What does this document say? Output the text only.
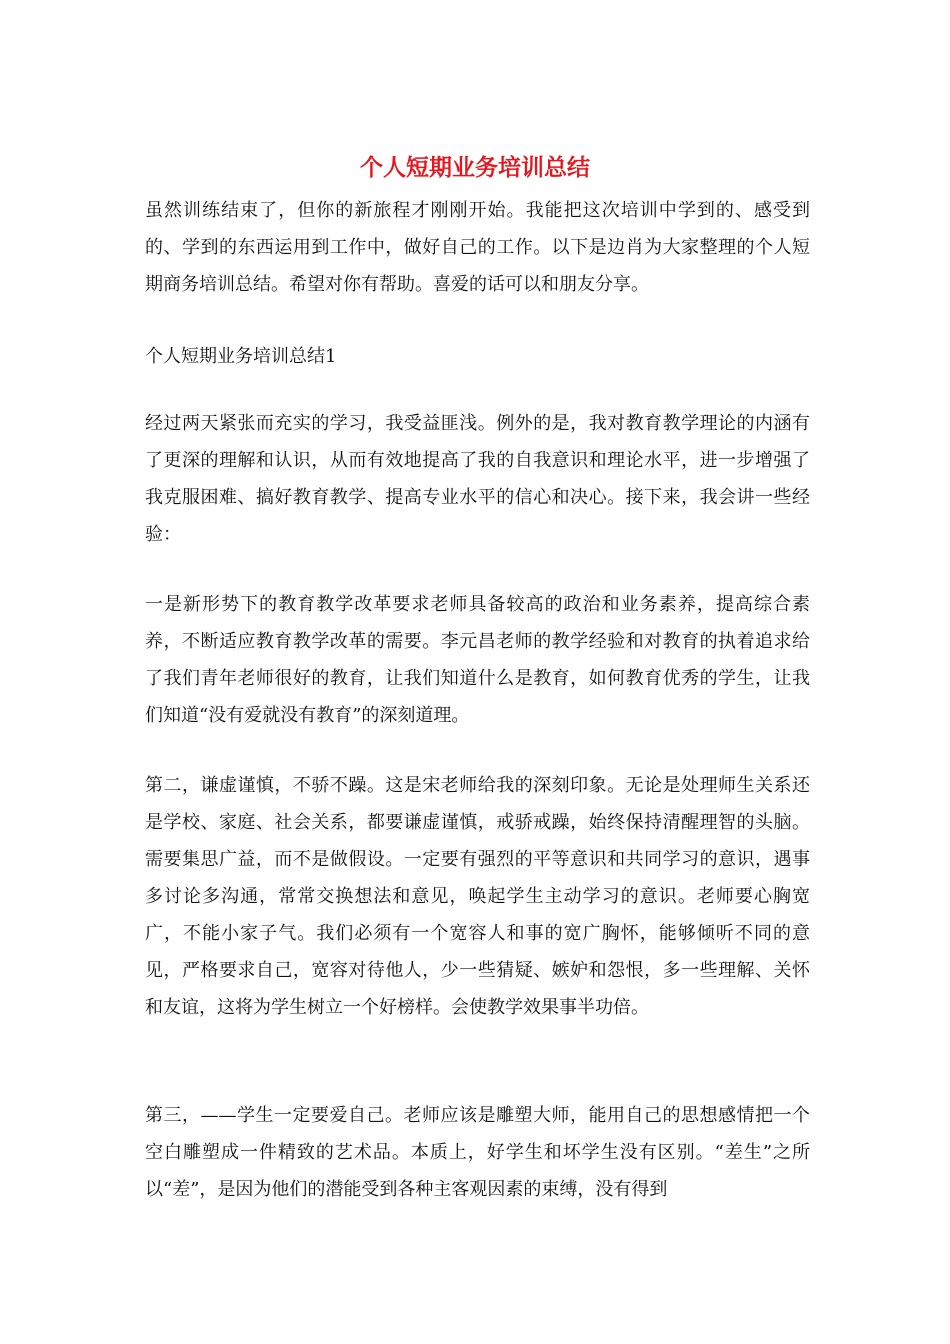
个人短期业务培训总结

虽然训练结束了，但你的新旅程才刚刚开始。我能把这次培训中学到的、感受到的、学到的东西运用到工作中，做好自己的工作。以下是边肖为大家整理的个人短期商务培训总结。希望对你有帮助。喜爱的话可以和朋友分享。

个人短期业务培训总结1

经过两天紧张而充实的学习，我受益匪浅。例外的是，我对教育教学理论的内涵有了更深的理解和认识，从而有效地提高了我的自我意识和理论水平，进一步增强了我克服困难、搞好教育教学、提高专业水平的信心和决心。接下来，我会讲一些经验：

一是新形势下的教育教学改革要求老师具备较高的政治和业务素养，提高综合素养，不断适应教育教学改革的需要。李元昌老师的教学经验和对教育的执着追求给了我们青年老师很好的教育，让我们知道什么是教育，如何教育优秀的学生，让我们知道“没有爱就没有教育”的深刻道理。

第二，谦虚谨慎，不骄不躁。这是宋老师给我的深刻印象。无论是处理师生关系还是学校、家庭、社会关系，都要谦虚谨慎，戒骄戒躁，始终保持清醒理智的头脑。需要集思广益，而不是做假设。一定要有强烈的平等意识和共同学习的意识，遇事多讨论多沟通，常常交换想法和意见，唤起学生主动学习的意识。老师要心胸宽广，不能小家子气。我们必须有一个宽容人和事的宽广胸怀，能够倾听不同的意见，严格要求自己，宽容对待他人，少一些猜疑、嫉妒和怨恨，多一些理解、关怀和友谊，这将为学生树立一个好榜样。会使教学效果事半功倍。

第三，——学生一定要爱自己。老师应该是雕塑大师，能用自己的思想感情把一个空白雕塑成一件精致的艺术品。本质上，好学生和坏学生没有区别。“差生”之所以“差”，是因为他们的潜能受到各种主客观因素的束缚，没有得到
